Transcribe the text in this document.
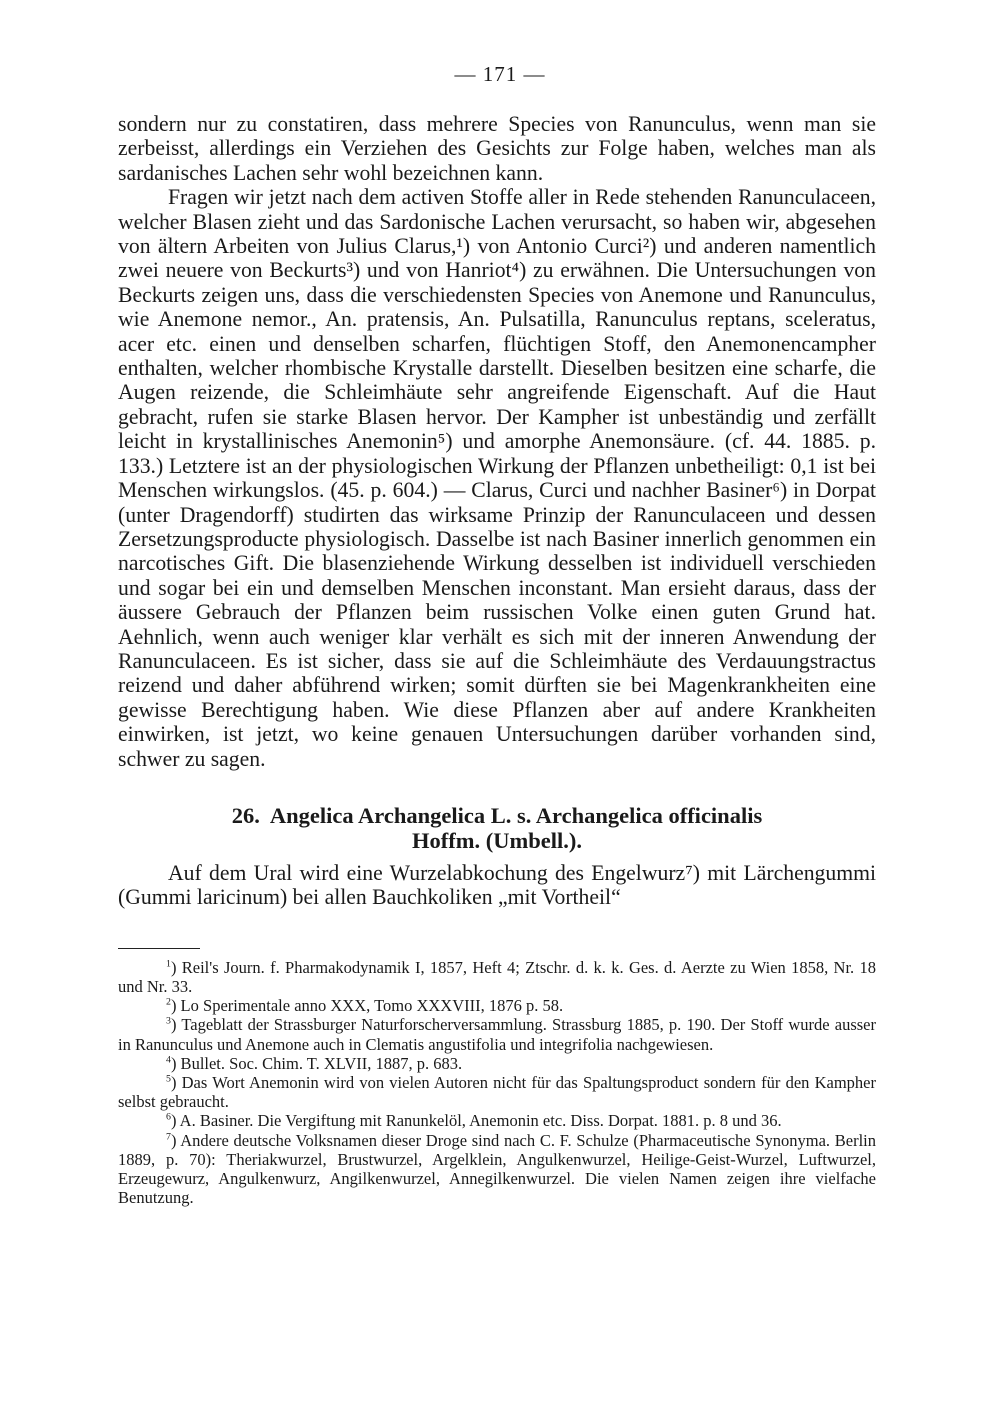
— 171 —

sondern nur zu constatiren, dass mehrere Species von Ranunculus, wenn man sie zerbeisst, allerdings ein Verziehen des Gesichts zur Folge haben, welches man als sardanisches Lachen sehr wohl bezeichnen kann.

Fragen wir jetzt nach dem activen Stoffe aller in Rede stehenden Ranunculaceen, welcher Blasen zieht und das Sardonische Lachen verursacht, so haben wir, abgesehen von ältern Arbeiten von Julius Clarus,¹) von Antonio Curci²) und anderen namentlich zwei neuere von Beckurts³) und von Hanriot⁴) zu erwähnen. Die Untersuchungen von Beckurts zeigen uns, dass die verschiedensten Species von Anemone und Ranunculus, wie Anemone nemor., An. pratensis, An. Pulsatilla, Ranunculus reptans, sceleratus, acer etc. einen und denselben scharfen, flüchtigen Stoff, den Anemonencampher enthalten, welcher rhombische Krystalle darstellt. Dieselben besitzen eine scharfe, die Augen reizende, die Schleimhäute sehr angreifende Eigenschaft. Auf die Haut gebracht, rufen sie starke Blasen hervor. Der Kampher ist unbeständig und zerfällt leicht in krystallinisches Anemonin⁵) und amorphe Anemonsäure. (cf. 44. 1885. p. 133.) Letztere ist an der physiologischen Wirkung der Pflanzen unbetheiligt: 0,1 ist bei Menschen wirkungslos. (45. p. 604.) — Clarus, Curci und nachher Basiner⁶) in Dorpat (unter Dragendorff) studirten das wirksame Prinzip der Ranunculaceen und dessen Zersetzungsproducte physiologisch. Dasselbe ist nach Basiner innerlich genommen ein narcotisches Gift. Die blasenziehende Wirkung desselben ist individuell verschieden und sogar bei ein und demselben Menschen inconstant. Man ersieht daraus, dass der äussere Gebrauch der Pflanzen beim russischen Volke einen guten Grund hat. Aehnlich, wenn auch weniger klar verhält es sich mit der inneren Anwendung der Ranunculaceen. Es ist sicher, dass sie auf die Schleimhäute des Verdauungstractus reizend und daher abführend wirken; somit dürften sie bei Magenkrankheiten eine gewisse Berechtigung haben. Wie diese Pflanzen aber auf andere Krankheiten einwirken, ist jetzt, wo keine genauen Untersuchungen darüber vorhanden sind, schwer zu sagen.

26. Angelica Archangelica L. s. Archangelica officinalis
Hoffm. (Umbell.).

Auf dem Ural wird eine Wurzelabkochung des Engelwurz⁷) mit Lärchengummi (Gummi laricinum) bei allen Bauchkoliken „mit Vortheil“

$^1$) Reil's Journ. f. Pharmakodynamik I, 1857, Heft 4; Ztschr. d. k. k. Ges. d. Aerzte zu Wien 1858, Nr. 18 und Nr. 33.

$^2$) Lo Sperimentale anno XXX, Tomo XXXVIII, 1876 p. 58.

$^3$) Tageblatt der Strassburger Naturforscherversammlung. Strassburg 1885, p. 190. Der Stoff wurde ausser in Ranunculus und Anemone auch in Clematis angustifolia und integrifolia nachgewiesen.

$^4$) Bullet. Soc. Chim. T. XLVII, 1887, p. 683.

$^5$) Das Wort Anemonin wird von vielen Autoren nicht für das Spaltungsproduct sondern für den Kampher selbst gebraucht.

$^6$) A. Basiner. Die Vergiftung mit Ranunkelöl, Anemonin etc. Diss. Dorpat. 1881. p. 8 und 36.

$^7$) Andere deutsche Volksnamen dieser Droge sind nach C. F. Schulze (Pharmaceutische Synonyma. Berlin 1889, p. 70): Theriakwurzel, Brustwurzel, Argelklein, Angulkenwurzel, Heilige-Geist-Wurzel, Luftwurzel, Erzeugewurz, Angulkenwurz, Angilkenwurzel, Annegilkenwurzel. Die vielen Namen zeigen ihre vielfache Benutzung.
